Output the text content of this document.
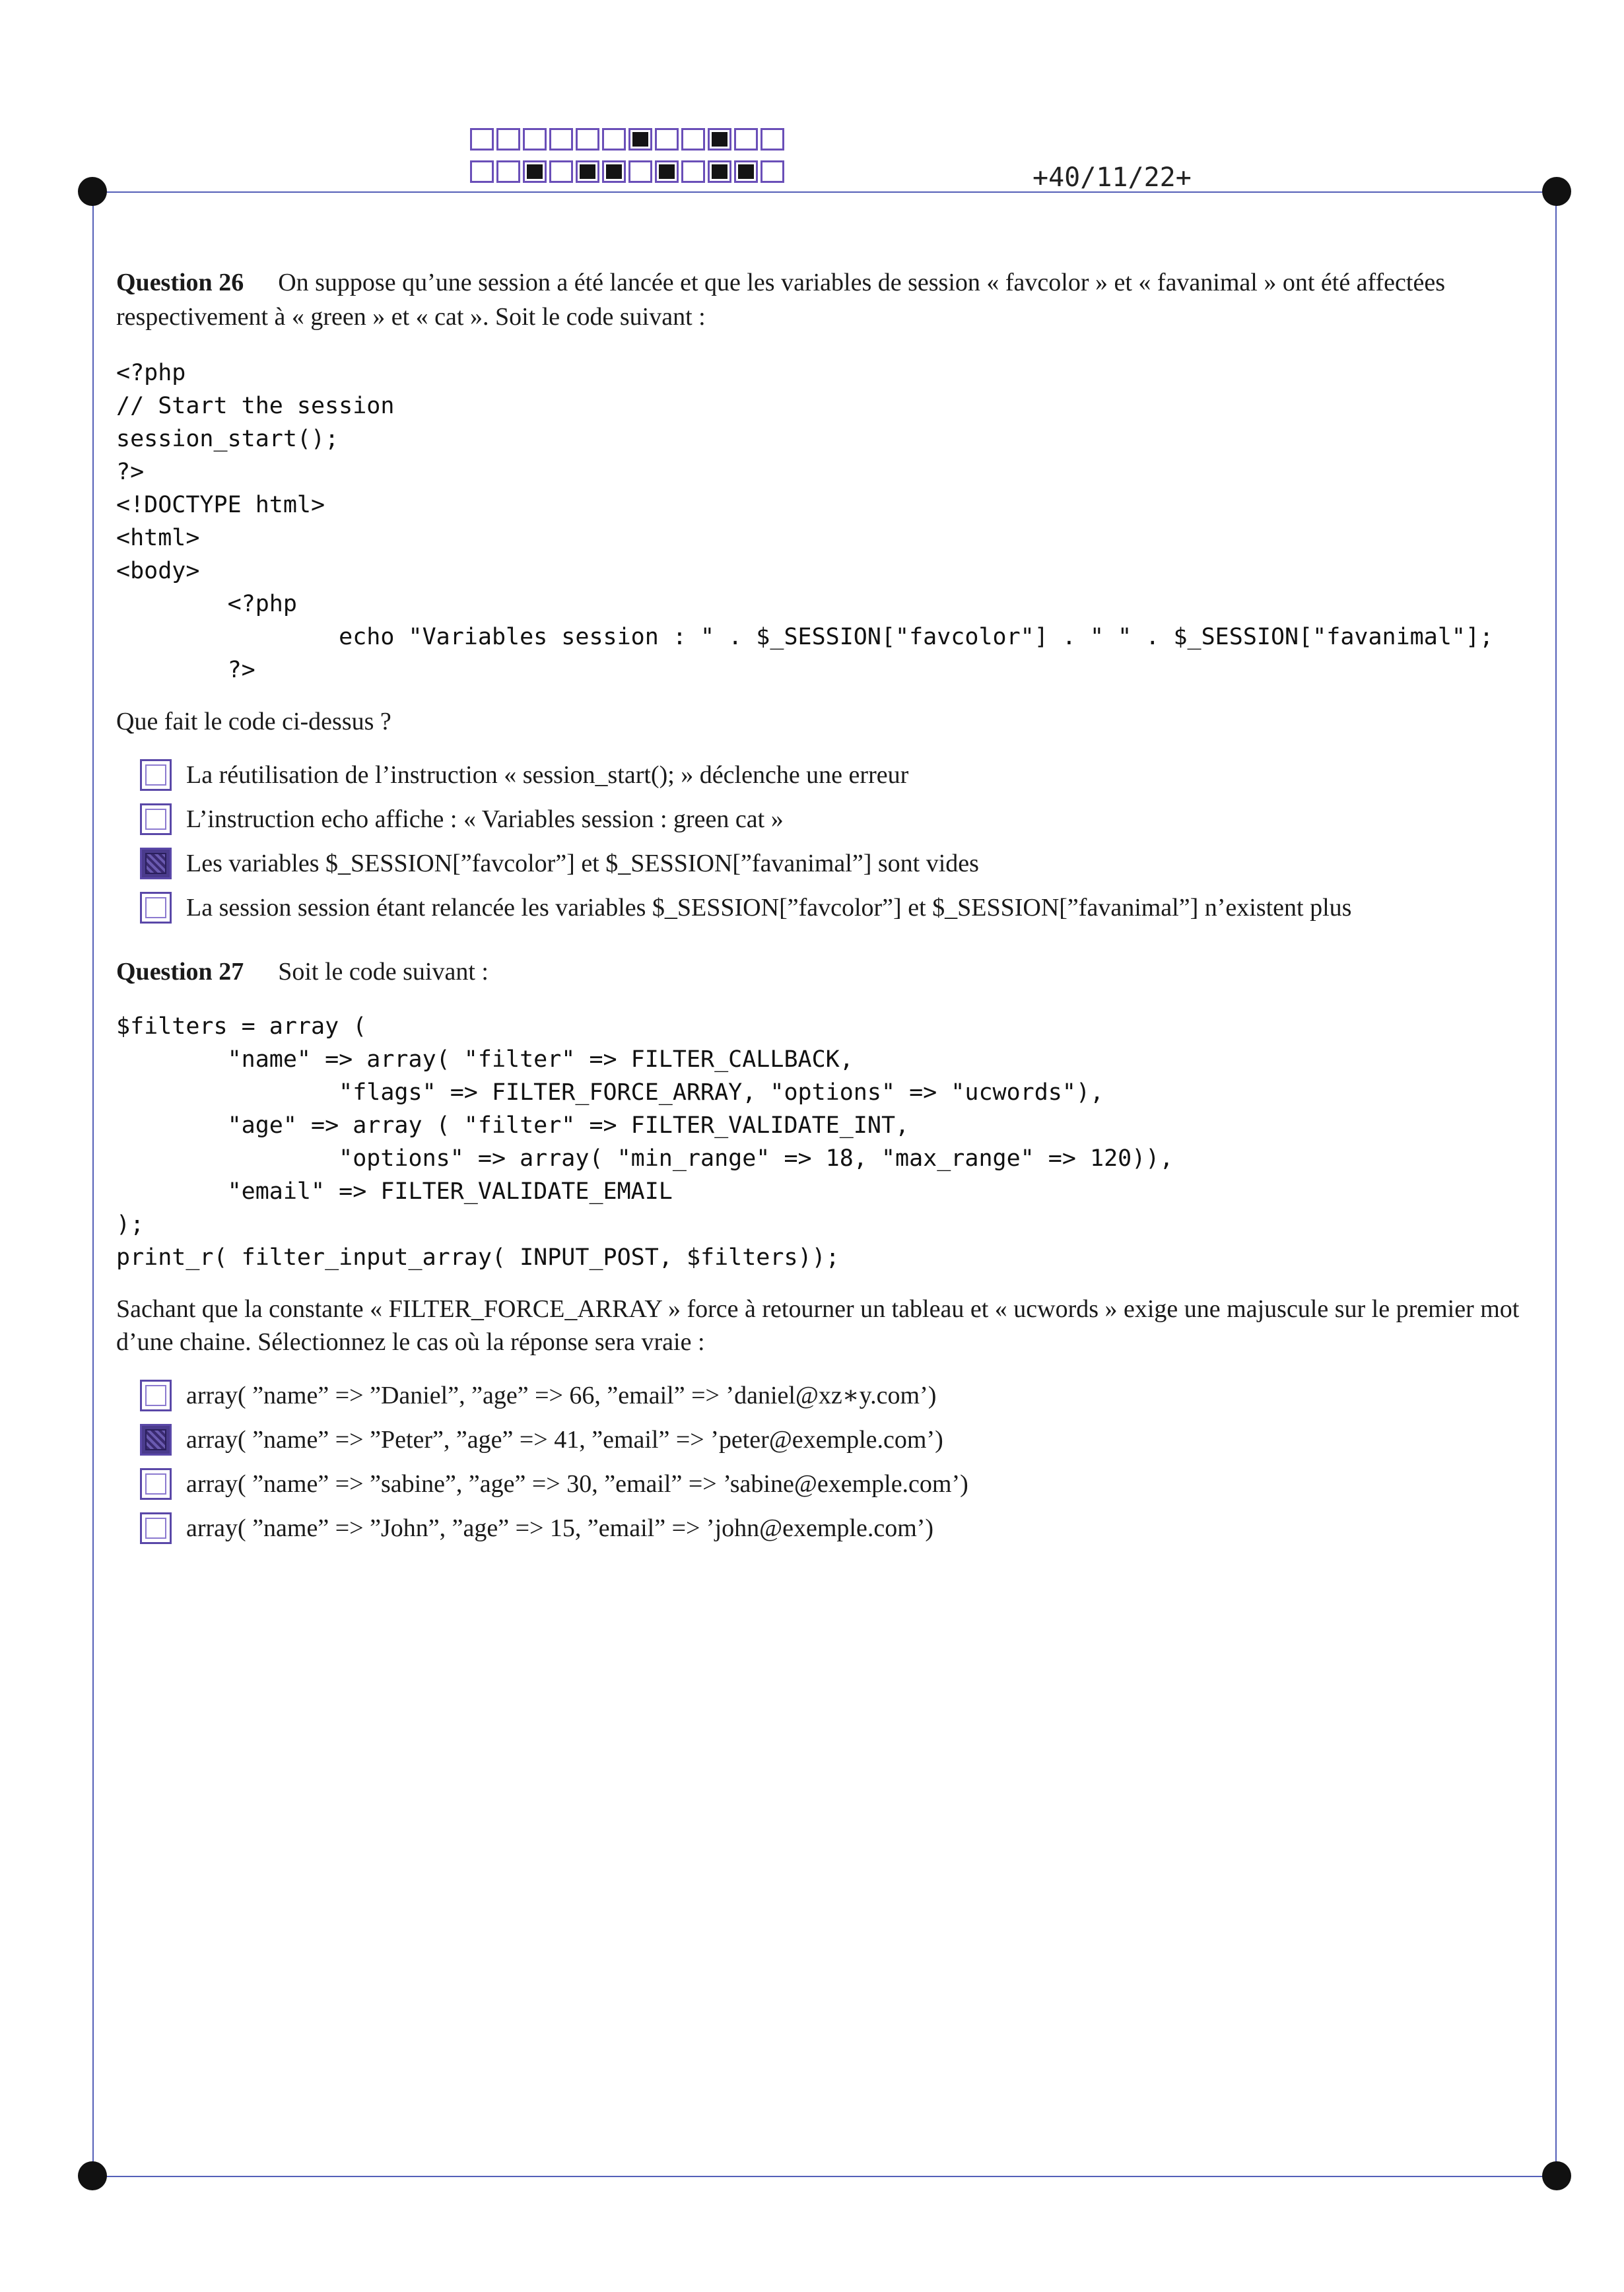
+40/11/22+
Question 26 On suppose qu’une session a été lancée et que les variables de session « favcolor » et « favanimal » ont été affectées respectivement à « green » et « cat ». Soit le code suivant :
<?php
// Start the session
session_start();
?>
<!DOCTYPE html>
<html>
<body>
<?php
echo "Variables session : " . $_SESSION["favcolor"] . " " . $_SESSION["favanimal"];
?>
Que fait le code ci-dessus ?
La réutilisation de l’instruction « session_start(); » déclenche une erreur
L’instruction echo affiche : « Variables session : green cat »
Les variables $_SESSION[”favcolor”] et $_SESSION[”favanimal”] sont vides
La session session étant relancée les variables $_SESSION[”favcolor”] et $_SESSION[”favanimal”] n’existent plus
Question 27 Soit le code suivant :
$filters = array (
"name" => array( "filter" => FILTER_CALLBACK,
"flags" => FILTER_FORCE_ARRAY, "options" => "ucwords"),
"age" => array ( "filter" => FILTER_VALIDATE_INT,
"options" => array( "min_range" => 18, "max_range" => 120)),
"email" => FILTER_VALIDATE_EMAIL
);
print_r( filter_input_array( INPUT_POST, $filters));
Sachant que la constante « FILTER_FORCE_ARRAY » force à retourner un tableau et « ucwords » exige une majuscule sur le premier mot d’une chaine. Sélectionnez le cas où la réponse sera vraie :
array( ”name” => ”Daniel”, ”age” => 66, ”email” => ’daniel@xz∗y.com’)
array( ”name” => ”Peter”, ”age” => 41, ”email” => ’peter@exemple.com’)
array( ”name” => ”sabine”, ”age” => 30, ”email” => ’sabine@exemple.com’)
array( ”name” => ”John”, ”age” => 15, ”email” => ’john@exemple.com’)
